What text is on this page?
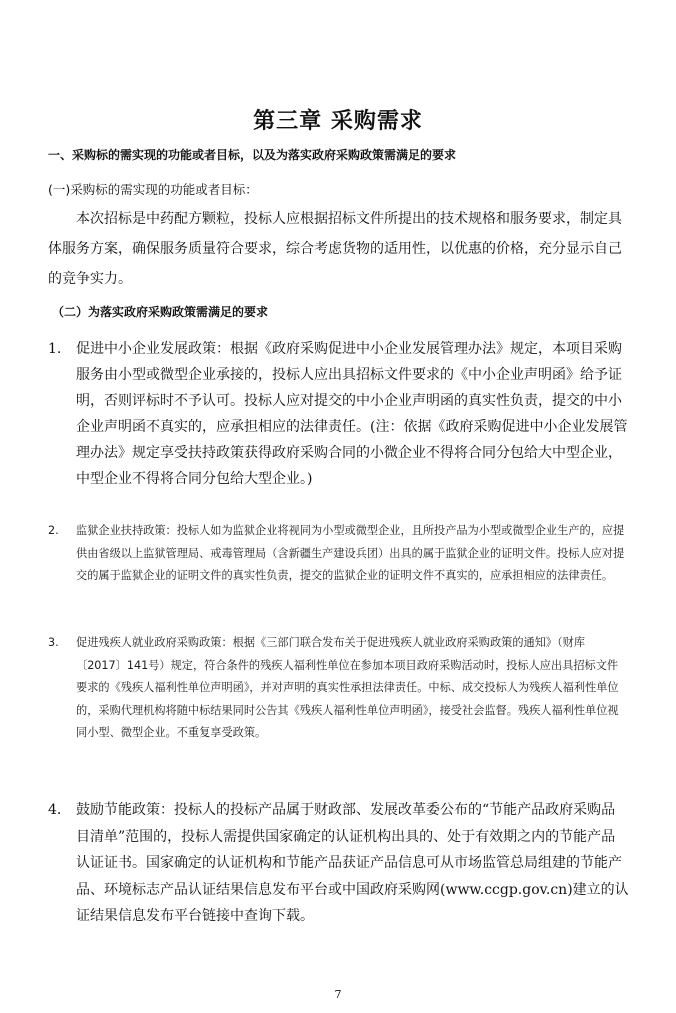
第三章 采购需求
一、采购标的需实现的功能或者目标，以及为落实政府采购政策需满足的要求
(一)采购标的需实现的功能或者目标：
本次招标是中药配方颗粒，投标人应根据招标文件所提出的技术规格和服务要求，制定具体服务方案，确保服务质量符合要求，综合考虑货物的适用性，以优惠的价格，充分显示自己的竞争实力。
（二）为落实政府采购政策需满足的要求
1. 促进中小企业发展政策：根据《政府采购促进中小企业发展管理办法》规定，本项目采购服务由小型或微型企业承接的，投标人应出具招标文件要求的《中小企业声明函》给予证明，否则评标时不予认可。投标人应对提交的中小企业声明函的真实性负责，提交的中小企业声明函不真实的，应承担相应的法律责任。(注：依据《政府采购促进中小企业发展管理办法》规定享受扶持政策获得政府采购合同的小微企业不得将合同分包给大中型企业，中型企业不得将合同分包给大型企业。)
2. 监狱企业扶持政策：投标人如为监狱企业将视同为小型或微型企业，且所投产品为小型或微型企业生产的，应提供由省级以上监狱管理局、戒毒管理局（含新疆生产建设兵团）出具的属于监狱企业的证明文件。投标人应对提交的属于监狱企业的证明文件的真实性负责，提交的监狱企业的证明文件不真实的，应承担相应的法律责任。
3. 促进残疾人就业政府采购政策：根据《三部门联合发布关于促进残疾人就业政府采购政策的通知》（财库〔2017〕141号）规定，符合条件的残疾人福利性单位在参加本项目政府采购活动时，投标人应出具招标文件要求的《残疾人福利性单位声明函》，并对声明的真实性承担法律责任。中标、成交投标人为残疾人福利性单位的，采购代理机构将随中标结果同时公告其《残疾人福利性单位声明函》，接受社会监督。残疾人福利性单位视同小型、微型企业。不重复享受政策。
4. 鼓励节能政策：投标人的投标产品属于财政部、发展改革委公布的“节能产品政府采购品目清单”范围的，投标人需提供国家确定的认证机构出具的、处于有效期之内的节能产品认证证书。国家确定的认证机构和节能产品获证产品信息可从市场监管总局组建的节能产品、环境标志产品认证结果信息发布平台或中国政府采购网(www.ccgp.gov.cn)建立的认证结果信息发布平台链接中查询下载。
7
